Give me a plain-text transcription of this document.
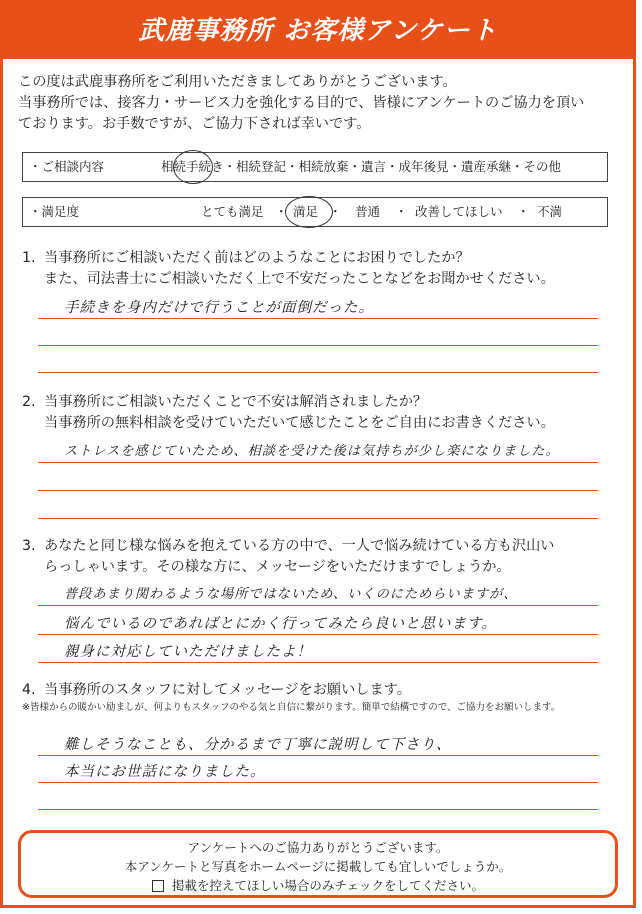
武鹿事務所 お客様アンケート

この度は武鹿事務所をご利用いただきましてありがとうございます。

当事務所では、接客力・サービス力を強化する目的で、皆様にアンケートのご協力を頂い

ております。お手数ですが、ご協力下されば幸いです。

・ご相談内容	相続手続き・相続登記・相続放棄・遺言・成年後見・遺産承継・その他
・満足度	とても満足 ・ 満足 ・ 普通 ・ 改善してほしい ・ 不満

1. 当事務所にご相談いただく前はどのようなことにお困りでしたか？

また、司法書士にご相談いただく上で不安だったことなどをお聞かせください。

手続きを身内だけで行うことが面倒だった。

2. 当事務所にご相談いただくことで不安は解消されましたか？

当事務所の無料相談を受けていただいて感じたことをご自由にお書きください。

ストレスを感じていたため、相談を受けた後は気持ちが少し楽になりました。

3. あなたと同じ様な悩みを抱えている方の中で、一人で悩み続けている方も沢山い

らっしゃいます。その様な方に、メッセージをいただけますでしょうか。

普段あまり関わるような場所ではないため、いくのにためらいますが、
悩んでいるのであればとにかく行ってみたら良いと思います。
親身に対応していただけましたよ！

4. 当事務所のスタッフに対してメッセージをお願いします。

※皆様からの暖かい励ましが、何よりもスタッフのやる気と自信に繋がります。簡単で結構ですので、ご協力をお願いします。

難しそうなことも、分かるまで丁寧に説明して下さり、
本当にお世話になりました。

アンケートへのご協力ありがとうございます。

本アンケートと写真をホームページに掲載しても宜しいでしょうか。

掲載を控えてほしい場合のみチェックをしてください。
